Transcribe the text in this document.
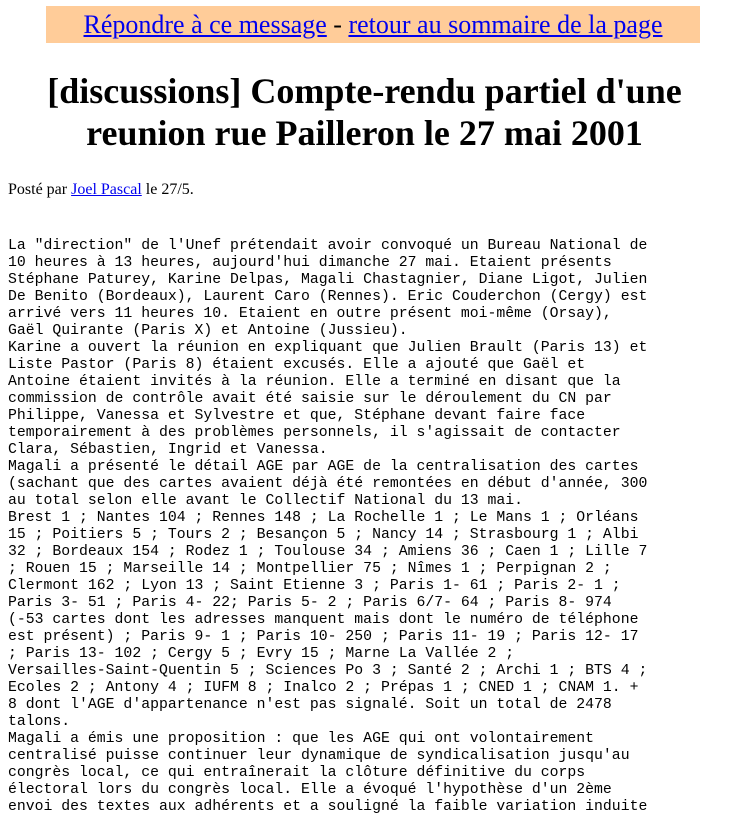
Répondre à ce message - retour au sommaire de la page
[discussions] Compte-rendu partiel d'une reunion rue Pailleron le 27 mai 2001
Posté par Joel Pascal le 27/5.
La "direction" de l'Unef prétendait avoir convoqué un Bureau National de
10 heures à 13 heures, aujourd'hui dimanche 27 mai. Etaient présents
Stéphane Paturey, Karine Delpas, Magali Chastagnier, Diane Ligot, Julien
De Benito (Bordeaux), Laurent Caro (Rennes). Eric Couderchon (Cergy) est
arrivé vers 11 heures 10. Etaient en outre présent moi-même (Orsay),
Gaël Quirante (Paris X) et Antoine (Jussieu).
Karine a ouvert la réunion en expliquant que Julien Brault (Paris 13) et
Liste Pastor (Paris 8) étaient excusés. Elle a ajouté que Gaël et
Antoine étaient invités à la réunion. Elle a terminé en disant que la
commission de contrôle avait été saisie sur le déroulement du CN par
Philippe, Vanessa et Sylvestre et que, Stéphane devant faire face
temporairement à des problèmes personnels, il s'agissait de contacter
Clara, Sébastien, Ingrid et Vanessa.
Magali a présenté le détail AGE par AGE de la centralisation des cartes
(sachant que des cartes avaient déjà été remontées en début d'année, 300
au total selon elle avant le Collectif National du 13 mai.
Brest 1 ; Nantes 104 ; Rennes 148 ; La Rochelle 1 ; Le Mans 1 ; Orléans
15 ; Poitiers 5 ; Tours 2 ; Besançon 5 ; Nancy 14 ; Strasbourg 1 ; Albi
32 ; Bordeaux 154 ; Rodez 1 ; Toulouse 34 ; Amiens 36 ; Caen 1 ; Lille 7
; Rouen 15 ; Marseille 14 ; Montpellier 75 ; Nîmes 1 ; Perpignan 2 ;
Clermont 162 ; Lyon 13 ; Saint Etienne 3 ; Paris 1- 61 ; Paris 2- 1 ;
Paris 3- 51 ; Paris 4- 22; Paris 5- 2 ; Paris 6/7- 64 ; Paris 8- 974
(-53 cartes dont les adresses manquent mais dont le numéro de téléphone
est présent) ; Paris 9- 1 ; Paris 10- 250 ; Paris 11- 19 ; Paris 12- 17
; Paris 13- 102 ; Cergy 5 ; Evry 15 ; Marne La Vallée 2 ;
Versailles-Saint-Quentin 5 ; Sciences Po 3 ; Santé 2 ; Archi 1 ; BTS 4 ;
Ecoles 2 ; Antony 4 ; IUFM 8 ; Inalco 2 ; Prépas 1 ; CNED 1 ; CNAM 1. +
8 dont l'AGE d'appartenance n'est pas signalé. Soit un total de 2478
talons.
Magali a émis une proposition : que les AGE qui ont volontairement
centralisé puisse continuer leur dynamique de syndicalisation jusqu'au
congrès local, ce qui entraînerait la clôture définitive du corps
électoral lors du congrès local. Elle a évoqué l'hypothèse d'un 2ème
envoi des textes aux adhérents et a souligné la faible variation induite
